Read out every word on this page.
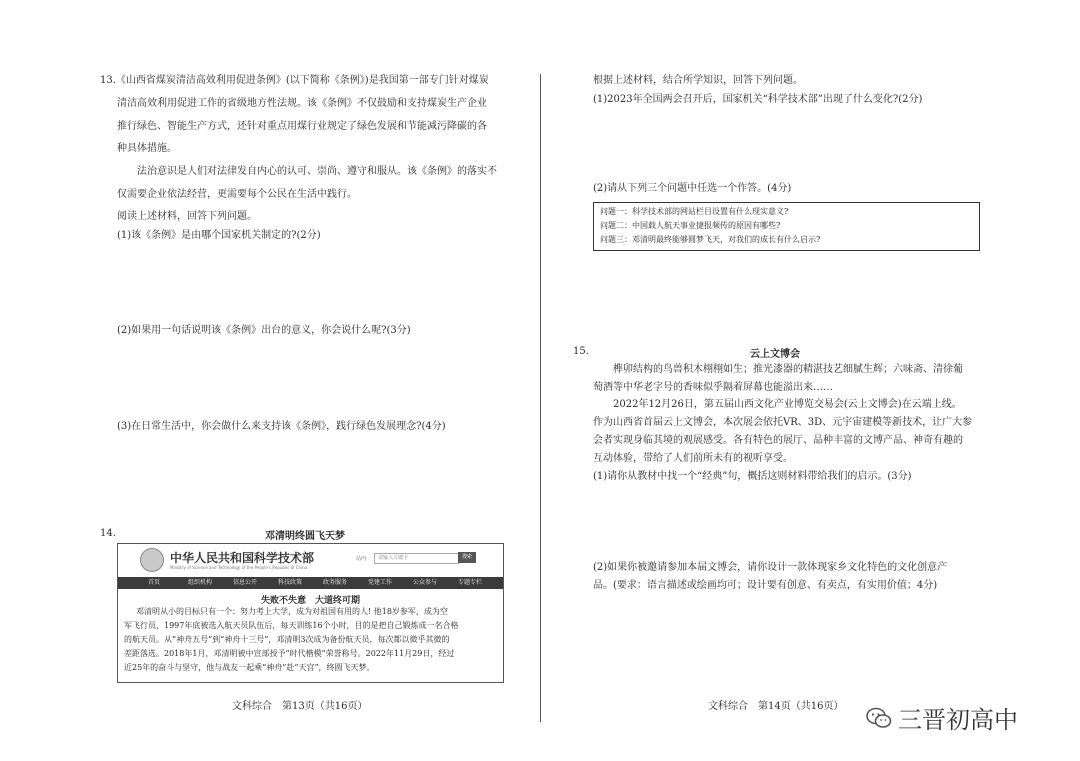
13.《山西省煤炭清洁高效利用促进条例》(以下简称《条例》)是我国第一部专门针对煤炭
清洁高效利用促进工作的省级地方性法规。该《条例》不仅鼓励和支持煤炭生产企业
推行绿色、智能生产方式，还针对重点用煤行业规定了绿色发展和节能减污降碳的各
种具体措施。
法治意识是人们对法律发自内心的认可、崇尚、遵守和服从。该《条例》的落实不
仅需要企业依法经营，更需要每个公民在生活中践行。
阅读上述材料，回答下列问题。
(1)该《条例》是由哪个国家机关制定的?(2分)
(2)如果用一句话说明该《条例》出台的意义，你会说什么呢?(3分)
(3)在日常生活中，你会做什么来支持该《条例》，践行绿色发展理念?(4分)
14.	邓清明终圆飞天梦
中华人民共和国科学技术部
Ministry of Science and Technology of the People's Republic of China
站内	请输入关键字	搜索
首页	组织机构	信息公开	科技政策	政务服务	党建工作	公众参与	专题专栏
失败不失意　大道终可期
邓清明从小的目标只有一个：努力考上大学，成为对祖国有用的人! 他18岁参军，成为空
军飞行员，1997年底被选入航天员队伍后，每天训练16个小时，目的是把自己锻炼成一名合格
的航天员。从“神舟五号”到“神舟十三号”，邓清明3次成为备份航天员，每次都以微乎其微的
差距落选。2018年1月，邓清明被中宣部授予“时代楷模”荣誉称号。2022年11月29日，经过
近25年的奋斗与坚守，他与战友一起乘“神舟”赴“天宫”，终圆飞天梦。
文科综合　第13页（共16页）
根据上述材料，结合所学知识，回答下列问题。
(1)2023年全国两会召开后，国家机关“科学技术部”出现了什么变化?(2分)
(2)请从下列三个问题中任选一个作答。(4分)
问题一：科学技术部的网站栏目设置有什么现实意义?
问题二：中国载人航天事业捷报频传的原因有哪些?
问题三：邓清明最终能够圆梦飞天，对我们的成长有什么启示?
15.	云上文博会
榫卯结构的鸟兽积木栩栩如生；推光漆器的精湛技艺细腻生辉；六味斋、清徐葡
萄酒等中华老字号的香味似乎隔着屏幕也能溢出来……
2022年12月26日，第五届山西文化产业博览交易会(云上文博会)在云端上线。
作为山西省首届云上文博会，本次展会依托VR、3D、元宇宙建模等新技术，让广大参
会者实现身临其境的观展感受。各有特色的展厅、品种丰富的文博产品、神奇有趣的
互动体验，带给了人们前所未有的视听享受。
(1)请你从教材中找一个“经典”句，概括这则材料带给我们的启示。(3分)
(2)如果你被邀请参加本届文博会，请你设计一款体现家乡文化特色的文化创意产
品。(要求：语言描述或绘画均可；设计要有创意、有卖点，有实用价值；4分)
文科综合　第14页（共16页） 三晋初高中
